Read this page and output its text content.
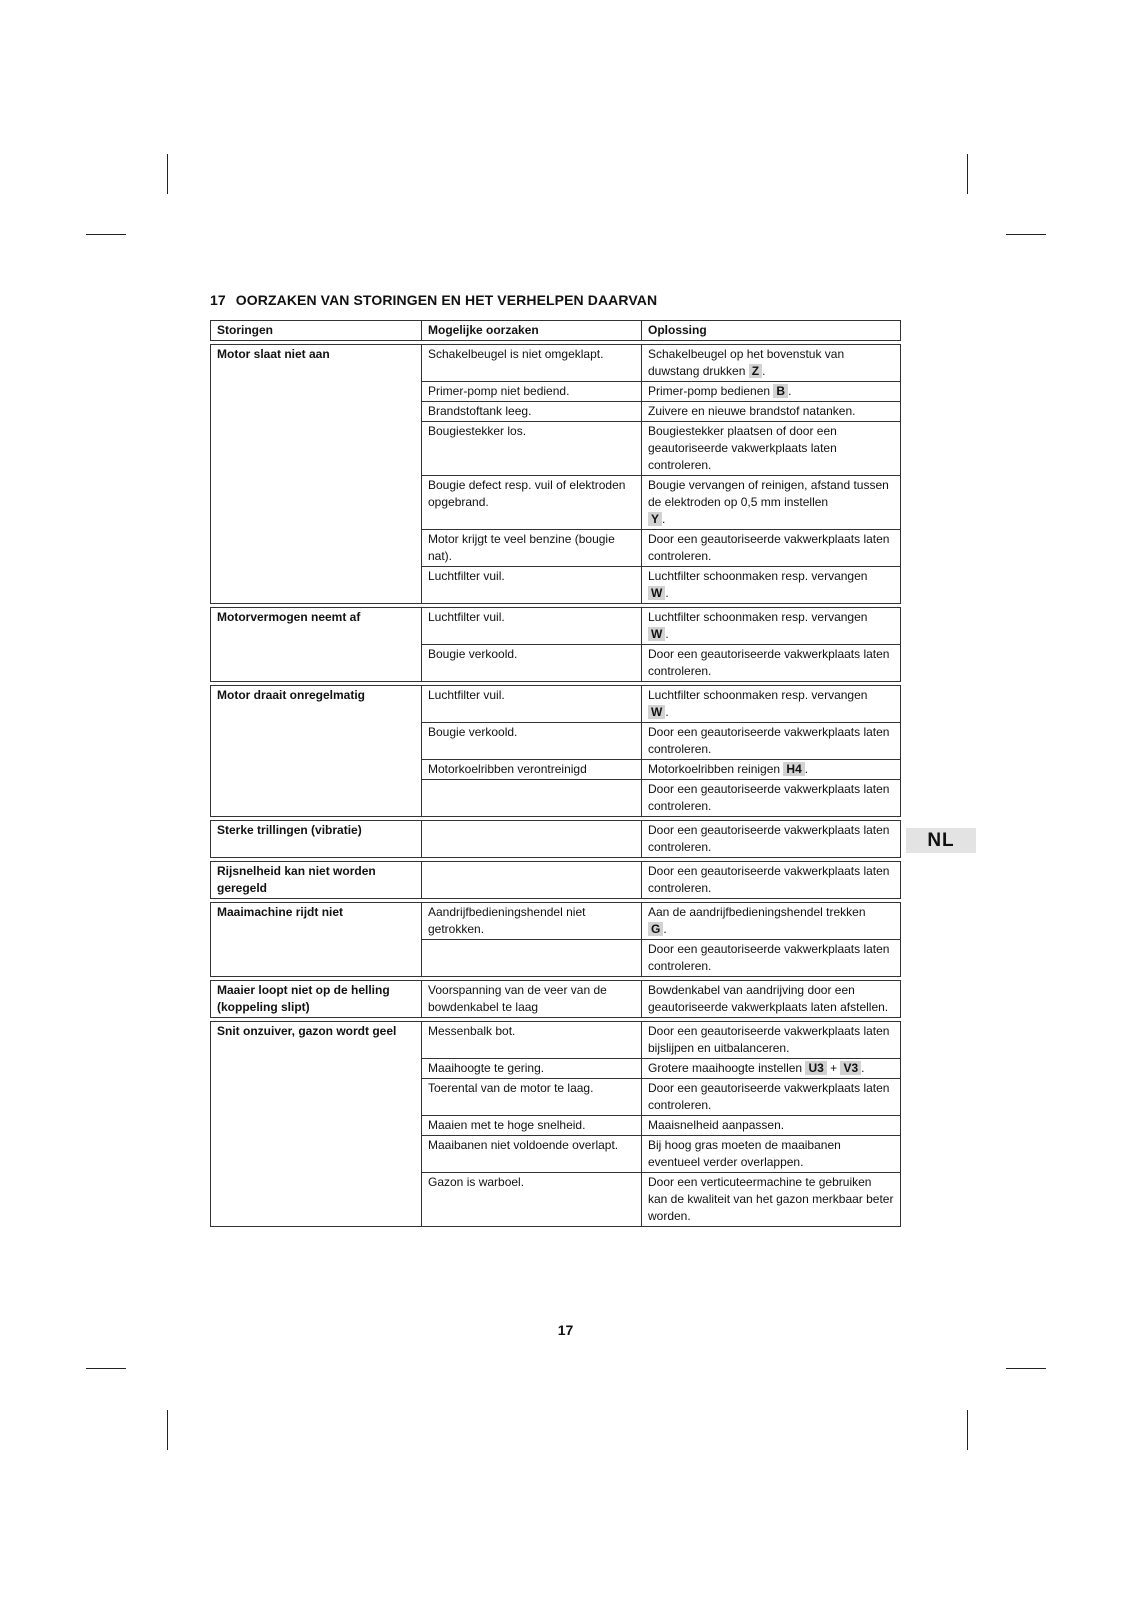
17 OORZAKEN VAN STORINGEN EN HET VERHELPEN DAARVAN
Storingen	Mogelijke oorzaken	Oplossing

Motor slaat niet aan	Schakelbeugel is niet omgeklapt.	Schakelbeugel op het bovenstuk van duwstang drukken Z .
	Primer-pomp niet bediend.	Primer-pomp bedienen B .
	Brandstoftank leeg.	Zuivere en nieuwe brandstof natanken.
	Bougiestekker los.	Bougiestekker plaatsen of door een geautoriseerde vakwerkplaats laten controleren.
	Bougie defect resp. vuil of elektroden opgebrand.	Bougie vervangen of reinigen, afstand tussen de elektroden op 0,5 mm instellen
Y .
	Motor krijgt te veel benzine (bougie nat).	Door een geautoriseerde vakwerkplaats laten controleren.
	Luchtfilter vuil.	Luchtfilter schoonmaken resp. vervangen
W .

Motorvermogen neemt af	Luchtfilter vuil.	Luchtfilter schoonmaken resp. vervangen
W .
	Bougie verkoold.	Door een geautoriseerde vakwerkplaats laten controleren.

Motor draait onregelmatig	Luchtfilter vuil.	Luchtfilter schoonmaken resp. vervangen
W .
	Bougie verkoold.	Door een geautoriseerde vakwerkplaats laten controleren.
	Motorkoelribben verontreinigd	Motorkoelribben reinigen H4 .
		Door een geautoriseerde vakwerkplaats laten controleren.

Sterke trillingen (vibratie)		Door een geautoriseerde vakwerkplaats laten controleren.

Rijsnelheid kan niet worden geregeld		Door een geautoriseerde vakwerkplaats laten controleren.

Maaimachine rijdt niet	Aandrijfbedieningshendel niet getrokken.	Aan de aandrijfbedieningshendel trekken
G .
		Door een geautoriseerde vakwerkplaats laten controleren.

Maaier loopt niet op de helling (koppeling slipt)	Voorspanning van de veer van de bowdenkabel te laag	Bowdenkabel van aandrijving door een geautoriseerde vakwerkplaats laten afstellen.

Snit onzuiver, gazon wordt geel	Messenbalk bot.	Door een geautoriseerde vakwerkplaats laten bijslijpen en uitbalanceren.
	Maaihoogte te gering.	Grotere maaihoogte instellen U3 + V3 .
	Toerental van de motor te laag.	Door een geautoriseerde vakwerkplaats laten controleren.
	Maaien met te hoge snelheid.	Maaisnelheid aanpassen.
	Maaibanen niet voldoende overlapt.	Bij hoog gras moeten de maaibanen eventueel verder overlappen.
	Gazon is warboel.	Door een verticuteermachine te gebruiken kan de kwaliteit van het gazon merkbaar beter worden.
NL
17
